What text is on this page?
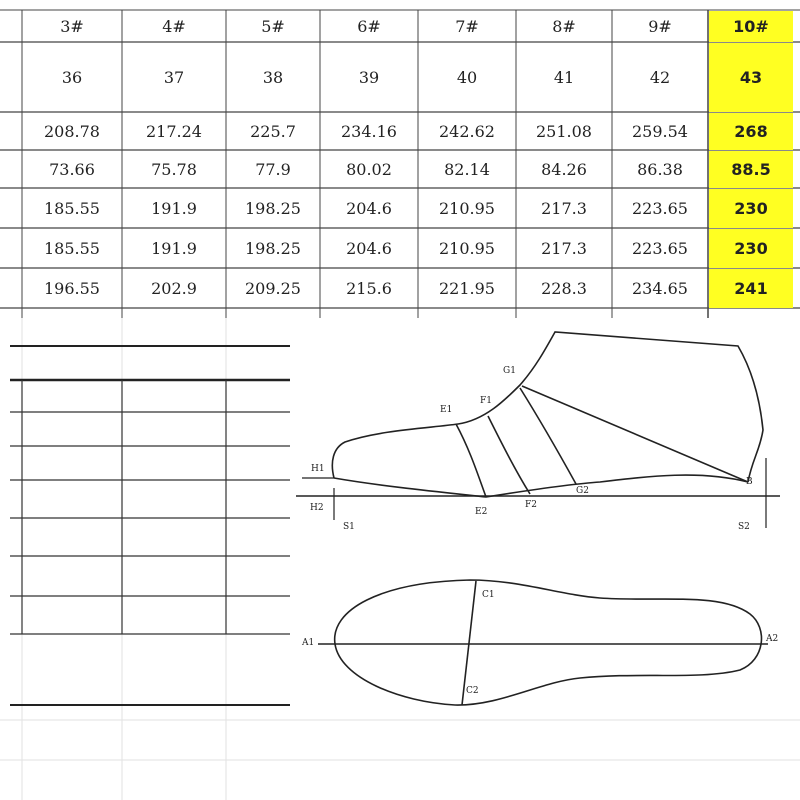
3#	4#	5#	6#	7#	8#	9#	10#
36	37	38	39	40	41	42	43
208.78	217.24	225.7	234.16	242.62	251.08	259.54	268
73.66	75.78	77.9	80.02	82.14	84.26	86.38	88.5
185.55	191.9	198.25	204.6	210.95	217.3	223.65	230
185.55	191.9	198.25	204.6	210.95	217.3	223.65	230
196.55	202.9	209.25	215.6	221.95	228.3	234.65	241
G1
E1
F1
H1
H2
S1
E2
F2
G2
B
S2
A1	A2
C1
C2
